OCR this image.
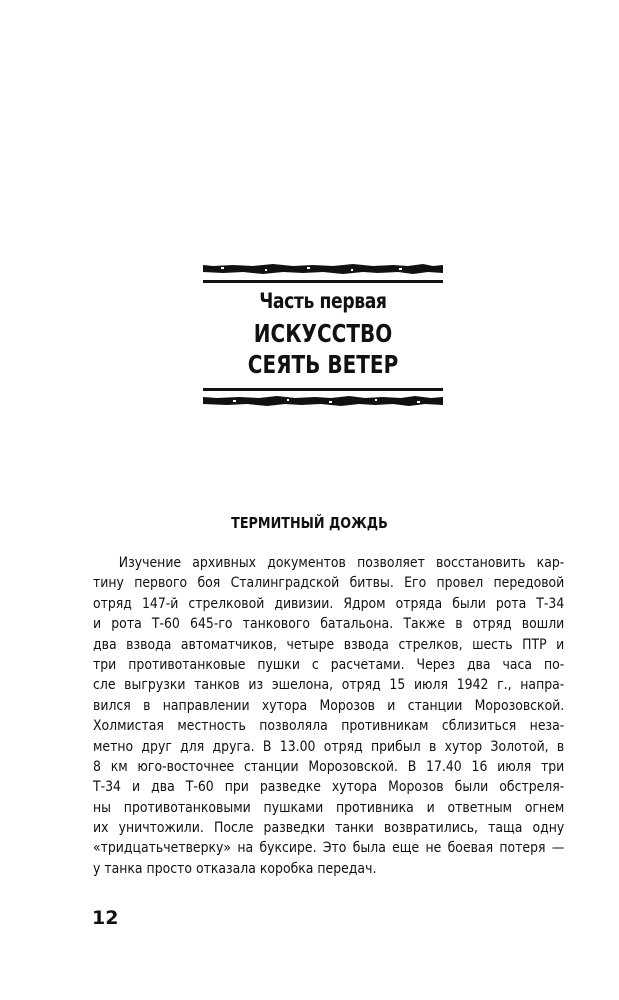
Часть первая
ИСКУССТВО
СЕЯТЬ ВЕТЕР
ТЕРМИТНЫЙ ДОЖДЬ
Изучение архивных документов позволяет восстановить кар-
тину первого боя Сталинградской битвы. Его провел передовой
отряд 147-й стрелковой дивизии. Ядром отряда были рота Т-34
и рота Т-60 645-го танкового батальона. Также в отряд вошли
два взвода автоматчиков, четыре взвода стрелков, шесть ПТР и
три противотанковые пушки с расчетами. Через два часа по-
сле выгрузки танков из эшелона, отряд 15 июля 1942 г., напра-
вился в направлении хутора Морозов и станции Морозовской.
Холмистая местность позволяла противникам сблизиться неза-
метно друг для друга. В 13.00 отряд прибыл в хутор Золотой, в
8 км юго-восточнее станции Морозовской. В 17.40 16 июля три
Т-34 и два Т-60 при разведке хутора Морозов были обстреля-
ны противотанковыми пушками противника и ответным огнем
их уничтожили. После разведки танки возвратились, таща одну
«тридцатьчетверку» на буксире. Это была еще не боевая потеря —
у танка просто отказала коробка передач.
12
